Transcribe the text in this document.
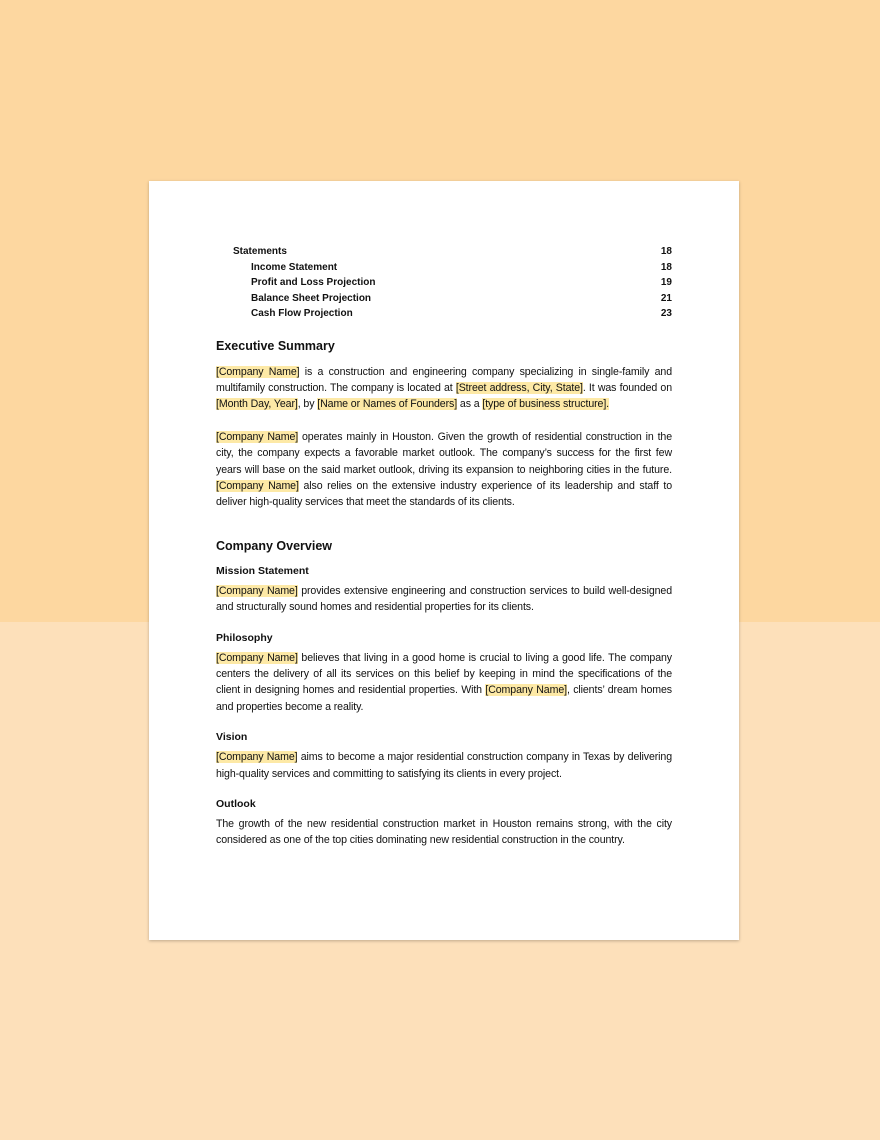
Statements	18
Income Statement	18
Profit and Loss Projection	19
Balance Sheet Projection	21
Cash Flow Projection	23
Executive Summary

[Company Name] is a construction and engineering company specializing in single-family and multifamily construction. The company is located at [Street address, City, State]. It was founded on [Month Day, Year], by [Name or Names of Founders] as a [type of business structure].

[Company Name] operates mainly in Houston. Given the growth of residential construction in the city, the company expects a favorable market outlook. The company’s success for the first few years will base on the said market outlook, driving its expansion to neighboring cities in the future. [Company Name] also relies on the extensive industry experience of its leadership and staff to deliver high-quality services that meet the standards of its clients.

Company Overview
Mission Statement

[Company Name] provides extensive engineering and construction services to build well-designed and structurally sound homes and residential properties for its clients.

Philosophy

[Company Name] believes that living in a good home is crucial to living a good life. The company centers the delivery of all its services on this belief by keeping in mind the specifications of the client in designing homes and residential properties. With [Company Name], clients’ dream homes and properties become a reality.

Vision

[Company Name] aims to become a major residential construction company in Texas by delivering high-quality services and committing to satisfying its clients in every project.

Outlook

The growth of the new residential construction market in Houston remains strong, with the city considered as one of the top cities dominating new residential construction in the country.
